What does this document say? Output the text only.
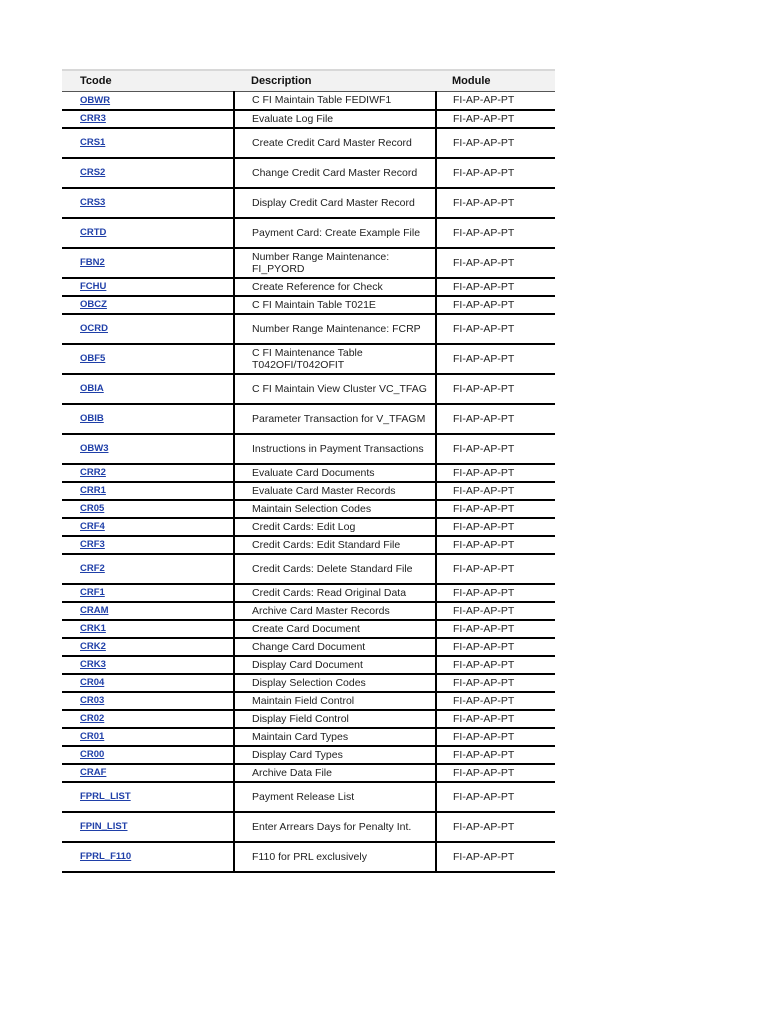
Tcode	Description	Module
OBWR	C FI Maintain Table FEDIWF1	FI-AP-AP-PT
CRR3	Evaluate Log File	FI-AP-AP-PT
CRS1	Create Credit Card Master Record	FI-AP-AP-PT
CRS2	Change Credit Card Master Record	FI-AP-AP-PT
CRS3	Display Credit Card Master Record	FI-AP-AP-PT
CRTD	Payment Card: Create Example File	FI-AP-AP-PT
FBN2	Number Range Maintenance: FI_PYORD	FI-AP-AP-PT
FCHU	Create Reference for Check	FI-AP-AP-PT
OBCZ	C FI Maintain Table T021E	FI-AP-AP-PT
OCRD	Number Range Maintenance: FCRP	FI-AP-AP-PT
OBF5	C FI Maintenance Table T042OFI/T042OFIT	FI-AP-AP-PT
OBIA	C FI Maintain View Cluster VC_TFAG	FI-AP-AP-PT
OBIB	Parameter Transaction for V_TFAGM	FI-AP-AP-PT
OBW3	Instructions in Payment Transactions	FI-AP-AP-PT
CRR2	Evaluate Card Documents	FI-AP-AP-PT
CRR1	Evaluate Card Master Records	FI-AP-AP-PT
CR05	Maintain Selection Codes	FI-AP-AP-PT
CRF4	Credit Cards: Edit Log	FI-AP-AP-PT
CRF3	Credit Cards: Edit Standard File	FI-AP-AP-PT
CRF2	Credit Cards: Delete Standard File	FI-AP-AP-PT
CRF1	Credit Cards: Read Original Data	FI-AP-AP-PT
CRAM	Archive Card Master Records	FI-AP-AP-PT
CRK1	Create Card Document	FI-AP-AP-PT
CRK2	Change Card Document	FI-AP-AP-PT
CRK3	Display Card Document	FI-AP-AP-PT
CR04	Display Selection Codes	FI-AP-AP-PT
CR03	Maintain Field Control	FI-AP-AP-PT
CR02	Display Field Control	FI-AP-AP-PT
CR01	Maintain Card Types	FI-AP-AP-PT
CR00	Display Card Types	FI-AP-AP-PT
CRAF	Archive Data File	FI-AP-AP-PT
FPRL_LIST	Payment Release List	FI-AP-AP-PT
FPIN_LIST	Enter Arrears Days for Penalty Int.	FI-AP-AP-PT
FPRL_F110	F110 for PRL exclusively	FI-AP-AP-PT
